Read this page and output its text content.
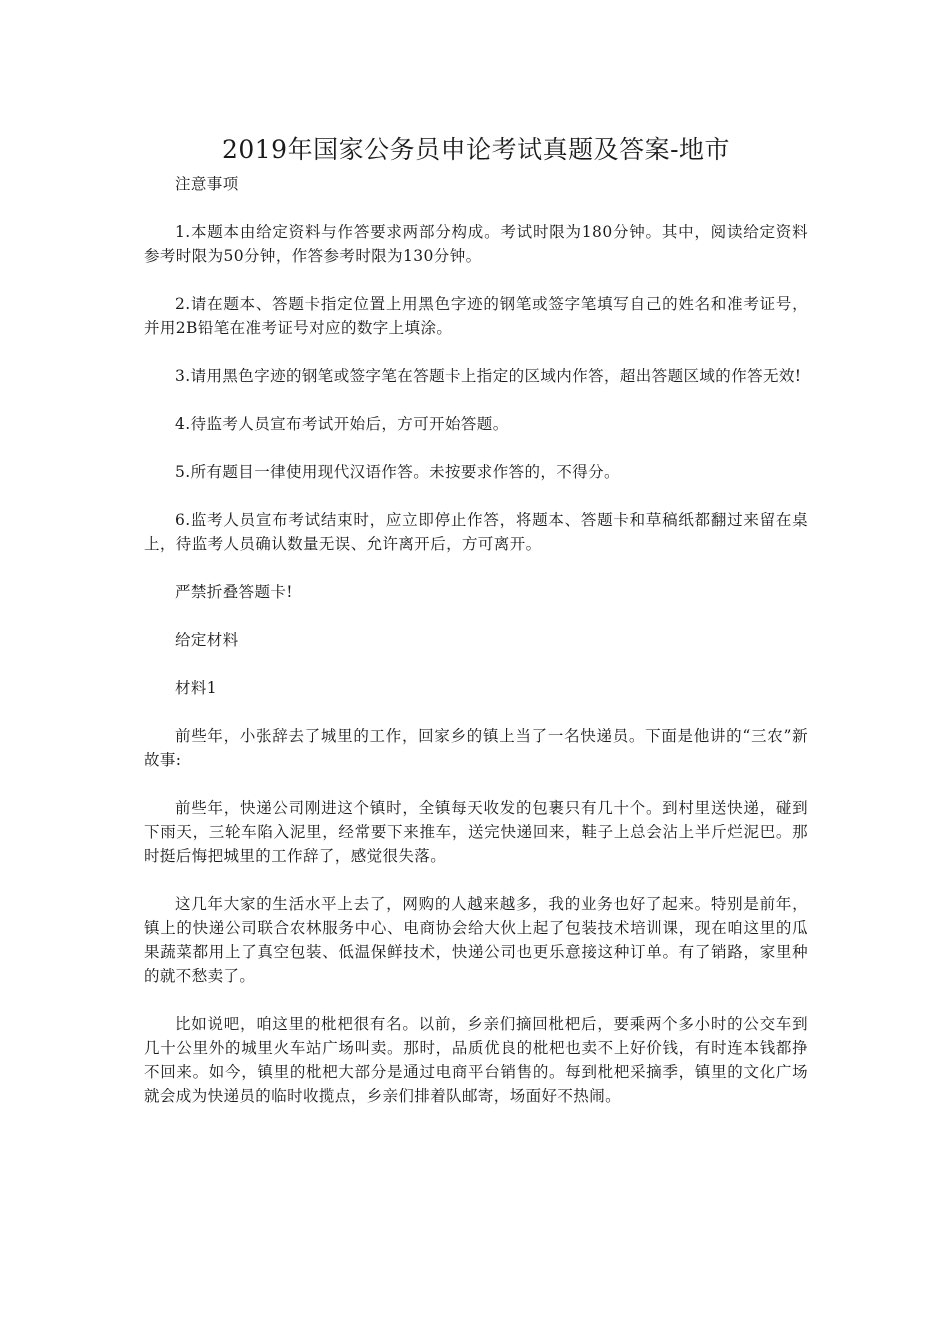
2019年国家公务员申论考试真题及答案-地市

注意事项

1.本题本由给定资料与作答要求两部分构成。考试时限为180分钟。其中，阅读给定资料参考时限为50分钟，作答参考时限为130分钟。

2.请在题本、答题卡指定位置上用黑色字迹的钢笔或签字笔填写自己的姓名和准考证号，并用2B铅笔在准考证号对应的数字上填涂。

3.请用黑色字迹的钢笔或签字笔在答题卡上指定的区域内作答，超出答题区域的作答无效!

4.待监考人员宣布考试开始后，方可开始答题。

5.所有题目一律使用现代汉语作答。未按要求作答的，不得分。

6.监考人员宣布考试结束时，应立即停止作答，将题本、答题卡和草稿纸都翻过来留在桌上，待监考人员确认数量无误、允许离开后，方可离开。

严禁折叠答题卡!

给定材料

材料1

前些年，小张辞去了城里的工作，回家乡的镇上当了一名快递员。下面是他讲的“三农”新故事:

前些年，快递公司刚进这个镇时，全镇每天收发的包裹只有几十个。到村里送快递，碰到下雨天，三轮车陷入泥里，经常要下来推车，送完快递回来，鞋子上总会沾上半斤烂泥巴。那时挺后悔把城里的工作辞了，感觉很失落。

这几年大家的生活水平上去了，网购的人越来越多，我的业务也好了起来。特别是前年，镇上的快递公司联合农林服务中心、电商协会给大伙上起了包装技术培训课，现在咱这里的瓜果蔬菜都用上了真空包装、低温保鲜技术，快递公司也更乐意接这种订单。有了销路，家里种的就不愁卖了。

比如说吧，咱这里的枇杷很有名。以前，乡亲们摘回枇杷后，要乘两个多小时的公交车到几十公里外的城里火车站广场叫卖。那时，品质优良的枇杷也卖不上好价钱，有时连本钱都挣不回来。如今，镇里的枇杷大部分是通过电商平台销售的。每到枇杷采摘季，镇里的文化广场就会成为快递员的临时收揽点，乡亲们排着队邮寄，场面好不热闹。
